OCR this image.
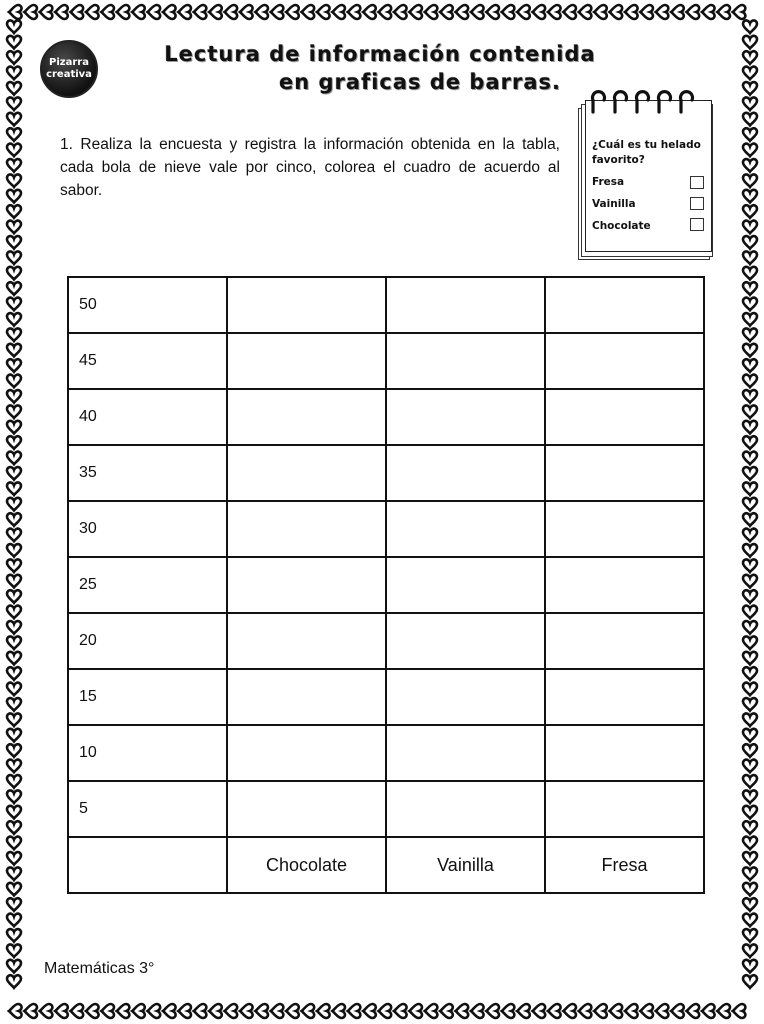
Pizarra
creativa
Lectura de información contenida
en graficas de barras.
1. Realiza la encuesta y registra la información obtenida en la tabla, cada bola de nieve vale por cinco, colorea el cuadro de acuerdo al sabor.
¿Cuál es tu helado favorito?
Fresa
Vainilla
Chocolate
50			
45			
40			
35			
30			
25			
20			
15			
10			
5			
	Chocolate	Vainilla	Fresa
Matemáticas 3°
